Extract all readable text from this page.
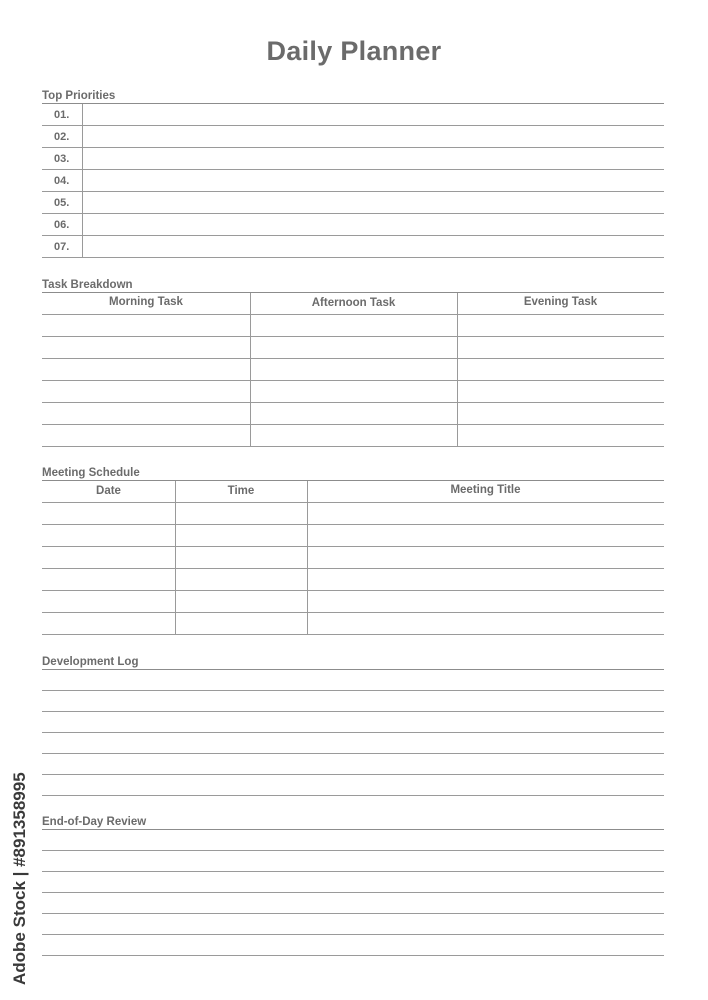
Daily Planner
Top Priorities
01.
02.
03.
04.
05.
06.
07.
Task Breakdown
Morning Task	Afternoon Task	Evening Task
Meeting Schedule
Date	Time	Meeting Title
Development Log
End-of-Day Review
Adobe Stock | #891358995
